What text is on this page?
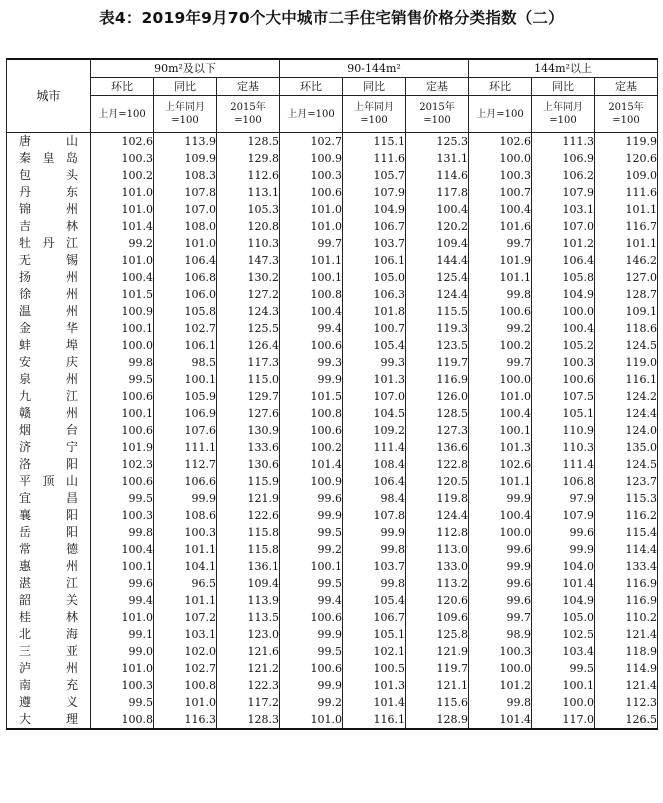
表4：2019年9月70个大中城市二手住宅销售价格分类指数（二）
城市	90m²及以下			90-144m²			144m²以上		
	环比	同比	定基	环比	同比	定基	环比	同比	定基
	上月=100	上年同月=100	2015年=100	上月=100	上年同月=100	2015年=100	上月=100	上年同月=100	2015年=100
唐山	102.6	113.9	128.5	102.7	115.1	125.3	102.6	111.3	119.9
秦皇岛	100.3	109.9	129.8	100.9	111.6	131.1	100.0	106.9	120.6
包头	100.2	108.3	112.6	100.3	105.7	114.6	100.3	106.2	109.0
丹东	101.0	107.8	113.1	100.6	107.9	117.8	100.7	107.9	111.6
锦州	101.0	107.0	105.3	101.0	104.9	100.4	100.4	103.1	101.1
吉林	101.4	108.0	120.8	101.0	106.7	120.2	101.6	107.0	116.7
牡丹江	99.2	101.0	110.3	99.7	103.7	109.4	99.7	101.2	101.1
无锡	101.0	106.4	147.3	101.1	106.1	144.4	101.9	106.4	146.2
扬州	100.4	106.8	130.2	100.1	105.0	125.4	101.1	105.8	127.0
徐州	101.5	106.0	127.2	100.8	106.3	124.4	99.8	104.9	128.7
温州	100.9	105.8	124.3	100.4	101.8	115.5	100.6	100.0	109.1
金华	100.1	102.7	125.5	99.4	100.7	119.3	99.2	100.4	118.6
蚌埠	100.0	106.1	126.4	100.6	105.4	123.5	100.2	105.2	124.5
安庆	99.8	98.5	117.3	99.3	99.3	119.7	99.7	100.3	119.0
泉州	99.5	100.1	115.0	99.9	101.3	116.9	100.0	100.6	116.1
九江	100.6	105.9	129.7	101.5	107.0	126.0	101.0	107.5	124.2
赣州	100.1	106.9	127.6	100.8	104.5	128.5	100.4	105.1	124.4
烟台	100.6	107.6	130.9	100.6	109.2	127.3	100.1	110.9	124.0
济宁	101.9	111.1	133.6	100.2	111.4	136.6	101.3	110.3	135.0
洛阳	102.3	112.7	130.6	101.4	108.4	122.8	102.6	111.4	124.5
平顶山	100.6	106.6	115.9	100.9	106.4	120.5	101.1	106.8	123.7
宜昌	99.5	99.9	121.9	99.6	98.4	119.8	99.9	97.9	115.3
襄阳	100.3	108.6	122.6	99.9	107.8	124.4	100.4	107.9	116.2
岳阳	99.8	100.3	115.8	99.5	99.9	112.8	100.0	99.6	115.4
常德	100.4	101.1	115.8	99.2	99.8	113.0	99.6	99.9	114.4
惠州	100.1	104.1	136.1	100.1	103.7	133.0	99.9	104.0	133.4
湛江	99.6	96.5	109.4	99.5	99.8	113.2	99.6	101.4	116.9
韶关	99.4	101.1	113.9	99.4	105.4	120.6	99.6	104.9	116.9
桂林	101.0	107.2	113.5	100.6	106.7	109.6	99.7	105.0	110.2
北海	99.1	103.1	123.0	99.9	105.1	125.8	98.9	102.5	121.4
三亚	99.0	102.0	121.6	99.5	102.1	121.9	100.3	103.4	118.9
泸州	101.0	102.7	121.2	100.6	100.5	119.7	100.0	99.5	114.9
南充	100.3	100.8	122.3	99.9	101.3	121.1	101.2	100.1	121.4
遵义	99.5	101.0	117.2	99.2	101.4	115.6	99.8	100.0	112.3
大理	100.8	116.3	128.3	101.0	116.1	128.9	101.4	117.0	126.5
